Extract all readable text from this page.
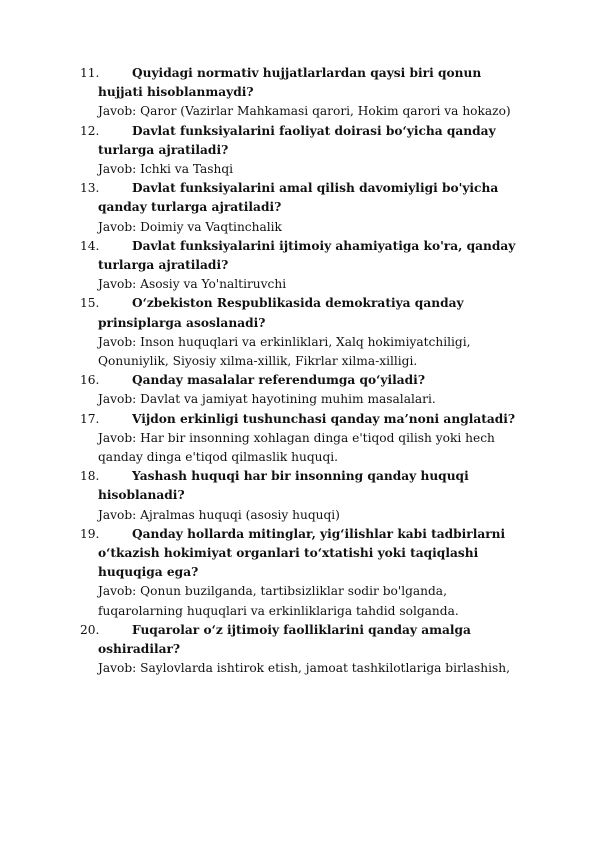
11.	Quyidagi normativ hujjatlarlardan qaysi biri qonun
hujjati hisoblanmaydi?
Javob: Qaror (Vazirlar Mahkamasi qarori, Hokim qarori va hokazo)
12.	Davlat funksiyalarini faoliyat doirasi bo‘yicha qanday
turlarga ajratiladi?
Javob: Ichki va Tashqi
13.	Davlat funksiyalarini amal qilish davomiyligi bo'yicha
qanday turlarga ajratiladi?
Javob: Doimiy va Vaqtinchalik
14.	Davlat funksiyalarini ijtimoiy ahamiyatiga ko'ra, qanday
turlarga ajratiladi?
Javob: Asosiy va Yo'naltiruvchi
15.	O‘zbekiston Respublikasida demokratiya qanday
prinsiplarga asoslanadi?
Javob: Inson huquqlari va erkinliklari, Xalq hokimiyatchiligi,
Qonuniylik, Siyosiy xilma-xillik, Fikrlar xilma-xilligi.
16.	Qanday masalalar referendumga qo‘yiladi?
Javob: Davlat va jamiyat hayotining muhim masalalari.
17.	Vijdon erkinligi tushunchasi qanday ma’noni anglatadi?
Javob: Har bir insonning xohlagan dinga e'tiqod qilish yoki hech
qanday dinga e'tiqod qilmaslik huquqi.
18.	Yashash huquqi har bir insonning qanday huquqi
hisoblanadi?
Javob: Ajralmas huquqi (asosiy huquqi)
19.	Qanday hollarda mitinglar, yig‘ilishlar kabi tadbirlarni
o‘tkazish hokimiyat organlari to‘xtatishi yoki taqiqlashi
huquqiga ega?
Javob: Qonun buzilganda, tartibsizliklar sodir bo'lganda,
fuqarolarning huquqlari va erkinliklariga tahdid solganda.
20.	Fuqarolar o‘z ijtimoiy faolliklarini qanday amalga
oshiradilar?
Javob: Saylovlarda ishtirok etish, jamoat tashkilotlariga birlashish,
